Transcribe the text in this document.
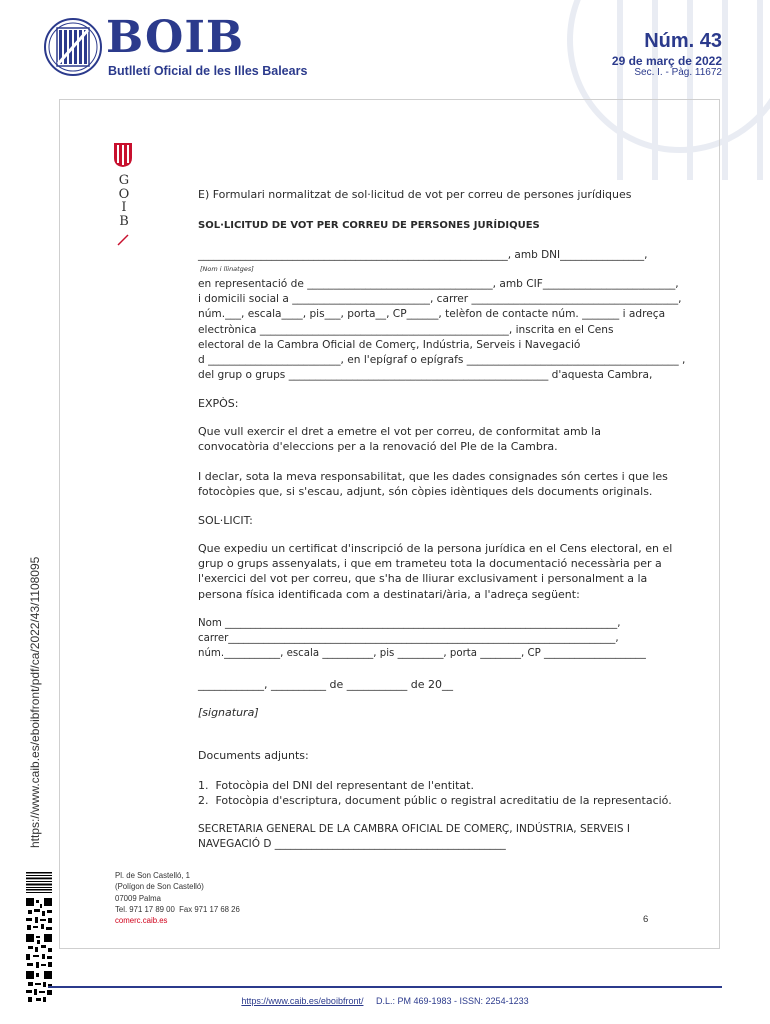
BOIB
Butlletí Oficial de les Illes Balears
Núm. 43
29 de març de 2022
Sec. I. - Pàg. 11672
G
O
I
B
E) Formulari normalitzat de sol·licitud de vot per correu de persones jurídiques
SOL·LICITUD DE VOT PER CORREU DE PERSONES JURÍDIQUES
___________________________________________________________, amb DNI________________,
[Nom i llinatges]
en representació de ___________________________________, amb CIF_________________________,
i domicili social a __________________________, carrer _______________________________________,
núm.___, escala____, pis___, porta__, CP______, telèfon de contacte núm. _______ i adreça
electrònica _______________________________________________, inscrita en el Cens
electoral de la Cambra Oficial de Comerç, Indústria, Serveis i Navegació
d _________________________, en l'epígraf o epígrafs ________________________________________ ,
del grup o grups _________________________________________________ d'aquesta Cambra,
EXPÒS:
Que vull exercir el dret a emetre el vot per correu, de conformitat amb la
convocatòria d'eleccions per a la renovació del Ple de la Cambra.
I declar, sota la meva responsabilitat, que les dades consignades són certes i que les
fotocòpies que, si s'escau, adjunt, són còpies idèntiques dels documents originals.
SOL·LICIT:
Que expediu un certificat d'inscripció de la persona jurídica en el Cens electoral, en el
grup o grups assenyalats, i que em trameteu tota la documentació necessària per a
l'exercici del vot per correu, que s'ha de lliurar exclusivament i personalment a la
persona física identificada com a destinatari/ària, a l'adreça següent:
Nom _____________________________________________________________________________,
carrer____________________________________________________________________________,
núm.___________, escala __________, pis _________, porta ________, CP ____________________
____________, __________ de ___________ de 20__
[signatura]
Documents adjunts:
1.  Fotocòpia del DNI del representant de l'entitat.
2.  Fotocòpia d'escriptura, document públic o registral acreditatiu de la representació.
SECRETARIA GENERAL DE LA CAMBRA OFICIAL DE COMERÇ, INDÚSTRIA, SERVEIS I
NAVEGACIÓ D ____________________________________________
Pl. de Son Castelló, 1
(Polígon de Son Castelló)
07009 Palma
Tel. 971 17 89 00  Fax 971 17 68 26
comerc.caib.es	6
https://www.caib.es/eboibfront/pdf/ca/2022/43/1108095
https://www.caib.es/eboibfront/ D.L.: PM 469-1983 - ISSN: 2254-1233
